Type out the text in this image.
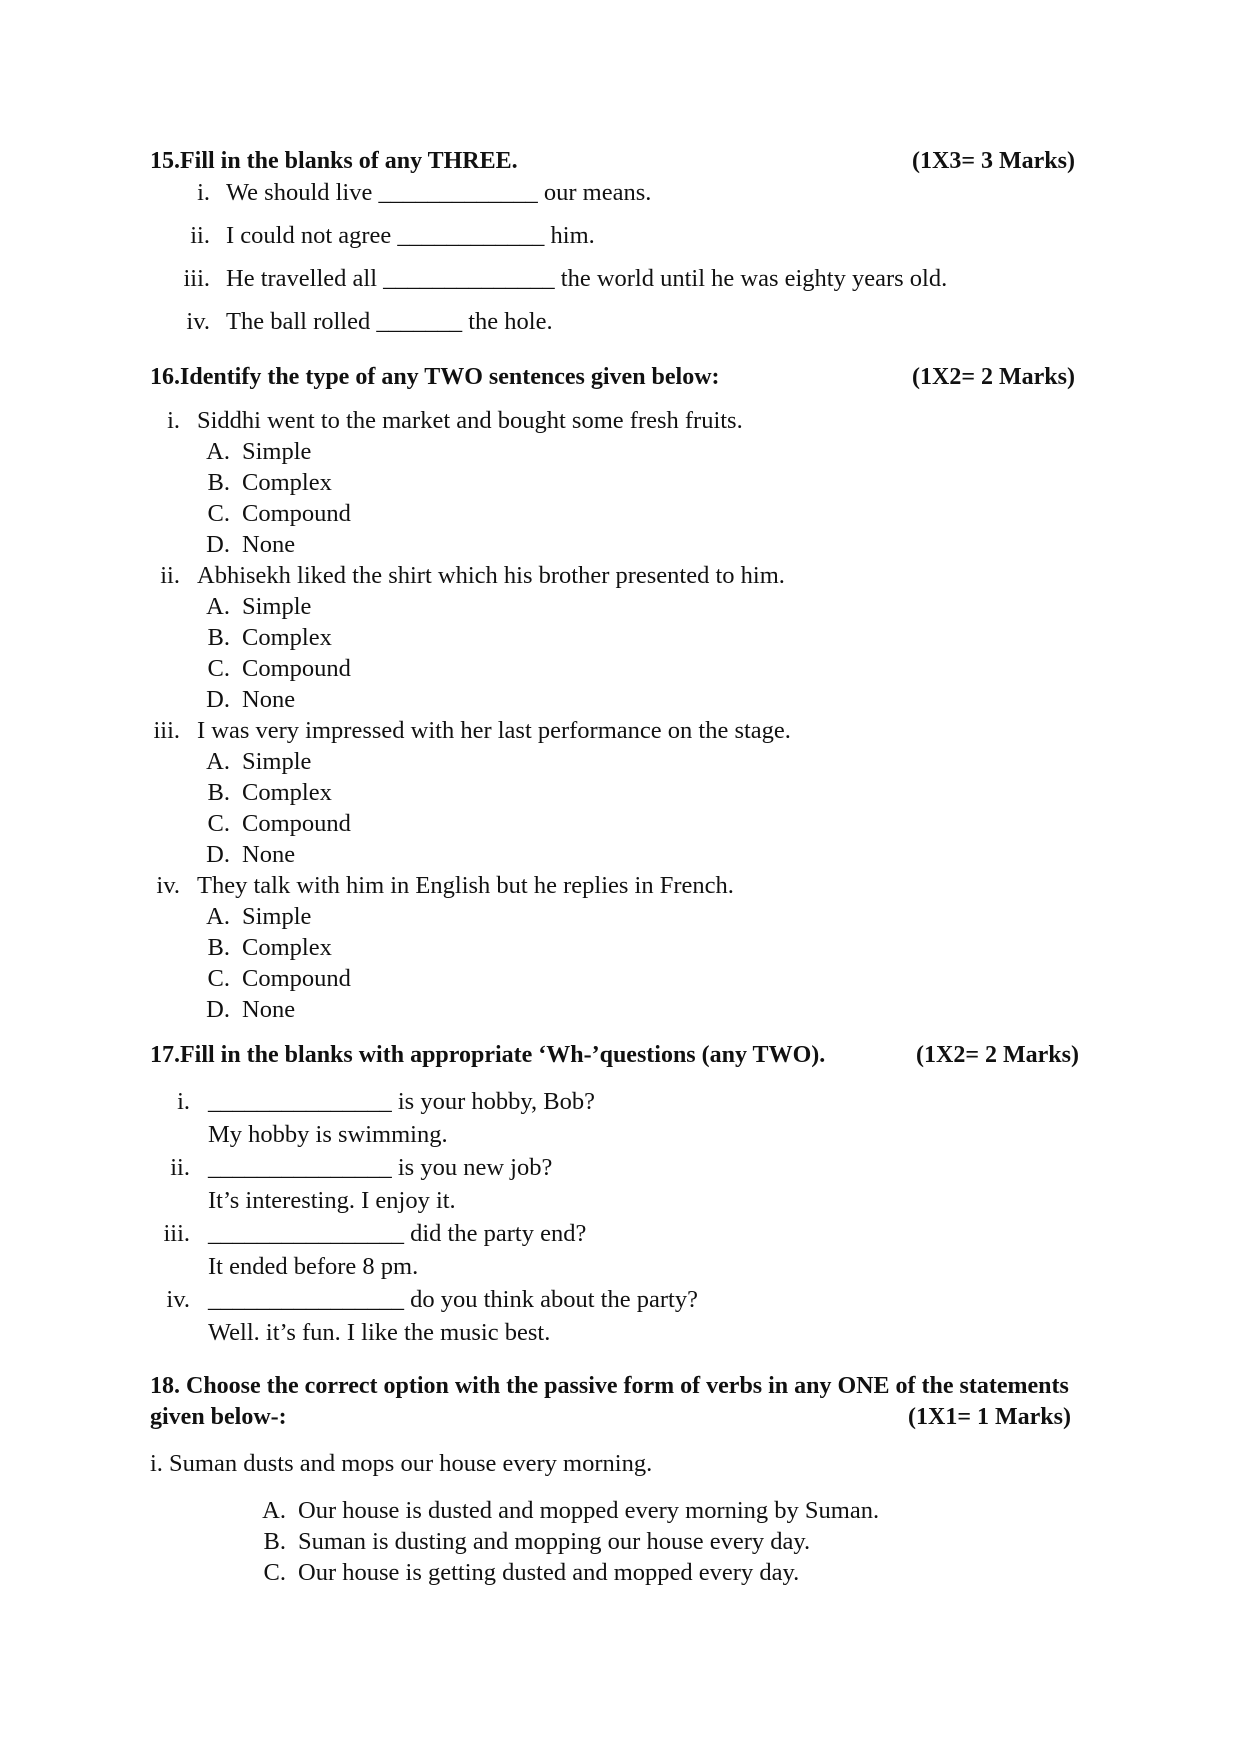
15.Fill in the blanks of any THREE.	(1X3= 3 Marks)
i. We should live _____________ our means.
ii. I could not agree ____________ him.
iii. He travelled all ______________ the world until he was eighty years old.
iv. The ball rolled _______ the hole.
16.Identify the type of any TWO sentences given below:	(1X2= 2 Marks)
i. Siddhi went to the market and bought some fresh fruits.
A. Simple
B. Complex
C. Compound
D. None
ii. Abhisekh liked the shirt which his brother presented to him.
A. Simple
B. Complex
C. Compound
D. None
iii. I was very impressed with her last performance on the stage.
A. Simple
B. Complex
C. Compound
D. None
iv. They talk with him in English but he replies in French.
A. Simple
B. Complex
C. Compound
D. None
17.Fill in the blanks with appropriate ‘Wh-’questions (any TWO).	(1X2= 2 Marks)
i. _______________ is your hobby, Bob?
My hobby is swimming.
ii. _______________ is you new job?
It’s interesting. I enjoy it.
iii. ________________ did the party end?
It ended before 8 pm.
iv. ________________ do you think about the party?
Well. it’s fun. I like the music best.
18. Choose the correct option with the passive form of verbs in any ONE of the statements
given below-:	(1X1= 1 Marks)
i. Suman dusts and mops our house every morning.
A. Our house is dusted and mopped every morning by Suman.
B. Suman is dusting and mopping our house every day.
C. Our house is getting dusted and mopped every day.
